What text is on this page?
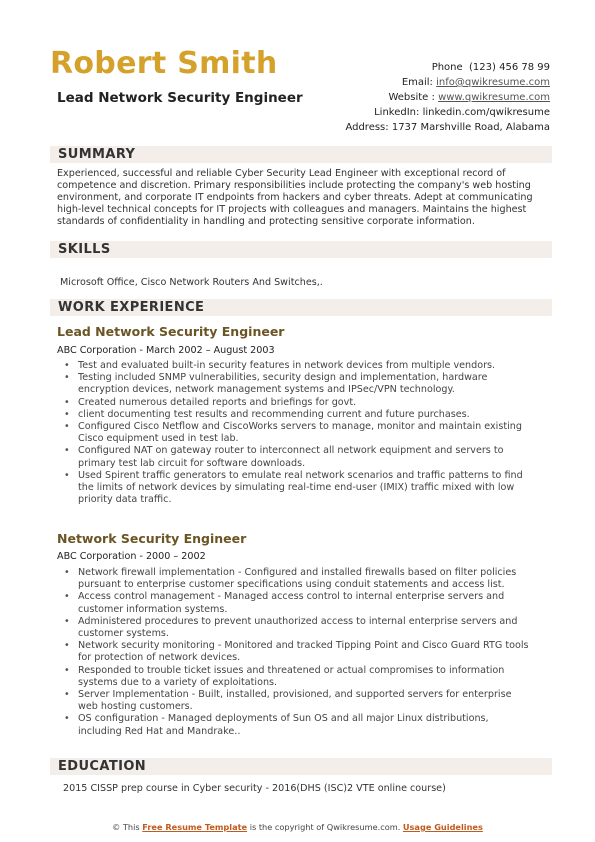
Robert Smith
Lead Network Security Engineer
Phone (123) 456 78 99
Email: info@qwikresume.com
Website : www.qwikresume.com
LinkedIn: linkedin.com/qwikresume
Address: 1737 Marshville Road, Alabama
SUMMARY
Experienced, successful and reliable Cyber Security Lead Engineer with exceptional record of
competence and discretion. Primary responsibilities include protecting the company's web hosting
environment, and corporate IT endpoints from hackers and cyber threats. Adept at communicating
high-level technical concepts for IT projects with colleagues and managers. Maintains the highest
standards of confidentiality in handling and protecting sensitive corporate information.
SKILLS
Microsoft Office, Cisco Network Routers And Switches,.
WORK EXPERIENCE
Lead Network Security Engineer
ABC Corporation - March 2002 – August 2003
• Test and evaluated built-in security features in network devices from multiple vendors.
• Testing included SNMP vulnerabilities, security design and implementation, hardware
encryption devices, network management systems and IPSec/VPN technology.
• Created numerous detailed reports and briefings for govt.
• client documenting test results and recommending current and future purchases.
• Configured Cisco Netflow and CiscoWorks servers to manage, monitor and maintain existing
Cisco equipment used in test lab.
• Configured NAT on gateway router to interconnect all network equipment and servers to
primary test lab circuit for software downloads.
• Used Spirent traffic generators to emulate real network scenarios and traffic patterns to find
the limits of network devices by simulating real-time end-user (IMIX) traffic mixed with low
priority data traffic.
Network Security Engineer
ABC Corporation - 2000 – 2002
• Network firewall implementation - Configured and installed firewalls based on filter policies
pursuant to enterprise customer specifications using conduit statements and access list.
• Access control management - Managed access control to internal enterprise servers and
customer information systems.
• Administered procedures to prevent unauthorized access to internal enterprise servers and
customer systems.
• Network security monitoring - Monitored and tracked Tipping Point and Cisco Guard RTG tools
for protection of network devices.
• Responded to trouble ticket issues and threatened or actual compromises to information
systems due to a variety of exploitations.
• Server Implementation - Built, installed, provisioned, and supported servers for enterprise
web hosting customers.
• OS configuration - Managed deployments of Sun OS and all major Linux distributions,
including Red Hat and Mandrake..
EDUCATION
2015 CISSP prep course in Cyber security - 2016(DHS (ISC)2 VTE online course)
© This Free Resume Template is the copyright of Qwikresume.com. Usage Guidelines
